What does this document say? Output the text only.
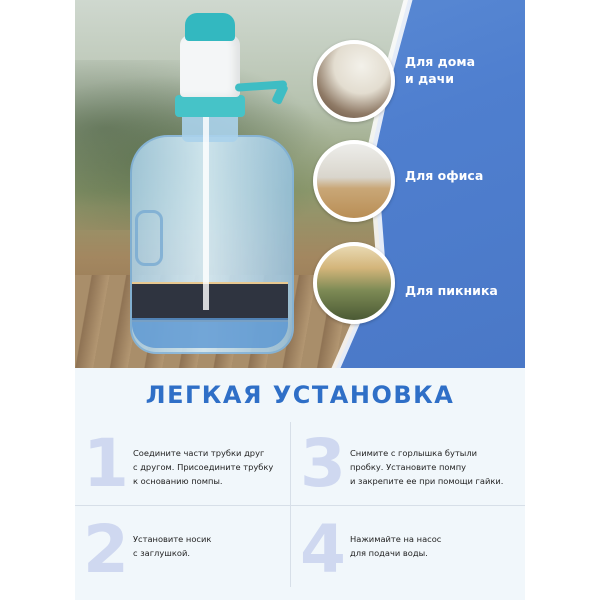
Для дома
и дачи
Для офиса
Для пикника
ЛЕГКАЯ УСТАНОВКА
1 Соедините части трубки друг
с другом. Присоедините трубку
к основанию помпы.	3 Снимите с горлышка бутыли
пробку. Установите помпу
и закрепите ее при помощи гайки.
2 Установите носик
с заглушкой.	4 Нажимайте на насос
для подачи воды.
